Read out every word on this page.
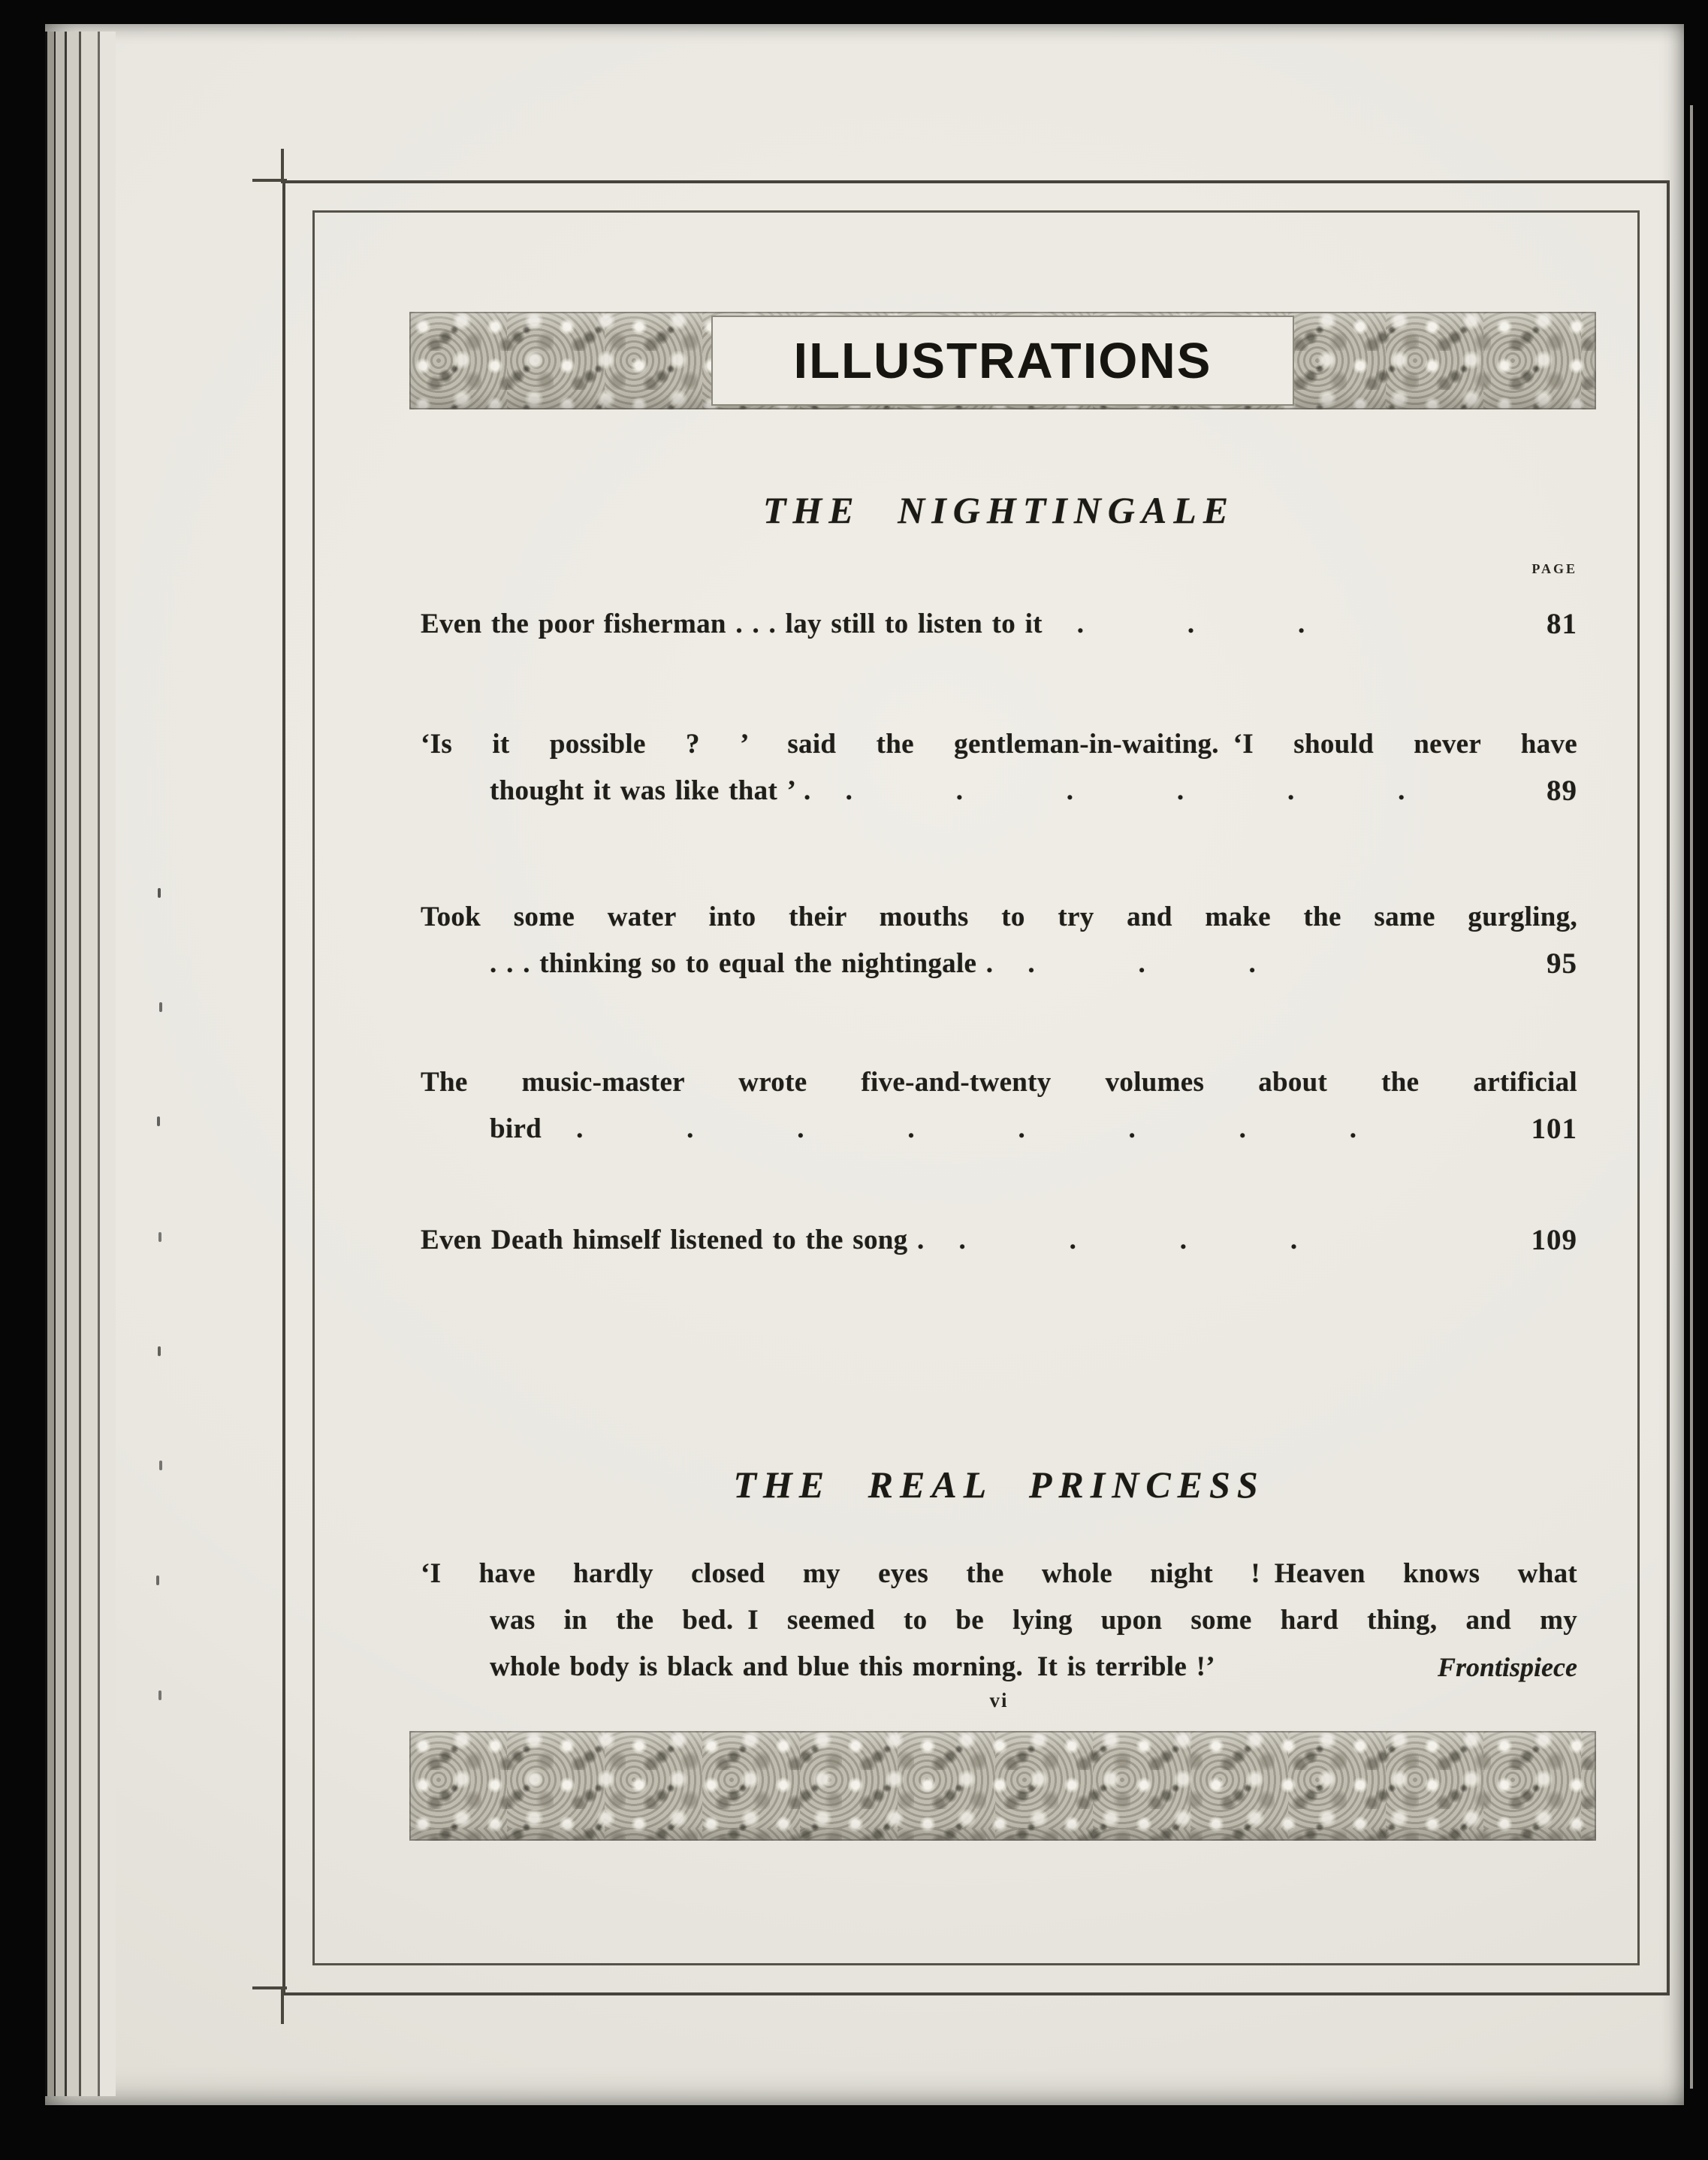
ILLUSTRATIONS
THE NIGHTINGALE
PAGE
Even the poor fisherman . . . lay still to listen to it . . .	81
‘Is it possible ? ’ said the gentleman-in-waiting. ‘I should never have
thought it was like that ’ . . . . . . .	89
Took some water into their mouths to try and make the same gurgling,
. . . thinking so to equal the nightingale . . . .	95
The music-master wrote five-and-twenty volumes about the artificial
bird . . . . . . . .	101
Even Death himself listened to the song . . . . .	109
THE REAL PRINCESS
‘I have hardly closed my eyes the whole night ! Heaven knows what
was in the bed. I seemed to be lying upon some hard thing, and my
whole body is black and blue this morning. It is terrible !’	Frontispiece
vi
